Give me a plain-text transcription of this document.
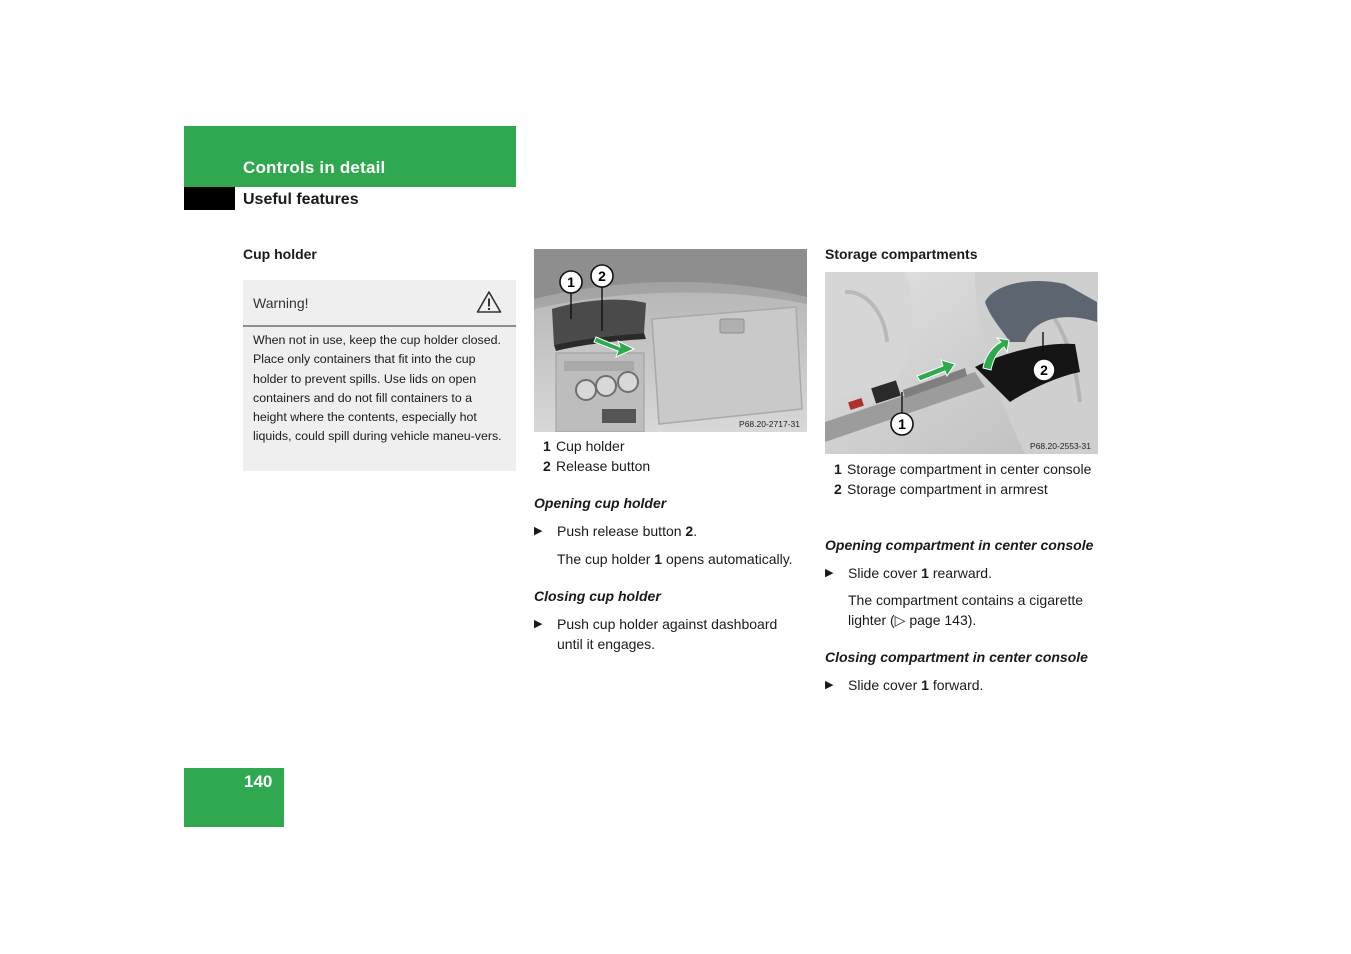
Controls in detail
Useful features
Cup holder
Warning!
When not in use, keep the cup holder closed. Place only containers that fit into the cup holder to prevent spills. Use lids on open containers and do not fill containers to a height where the contents, especially hot liquids, could spill during vehicle maneu-vers.
1 2
P68.20-2717-31
1 Cup holder
2 Release button
Opening cup holder
▶	Push release button 2.
The cup holder 1 opens automatically.
Closing cup holder
▶	Push cup holder against dashboard until it engages.
Storage compartments
1
2
P68.20-2553-31
1 Storage compartment in center console
2 Storage compartment in armrest
Opening compartment in center console
▶	Slide cover 1 rearward.
The compartment contains a cigarette lighter (▷ page 143).
Closing compartment in center console
▶	Slide cover 1 forward.
140
